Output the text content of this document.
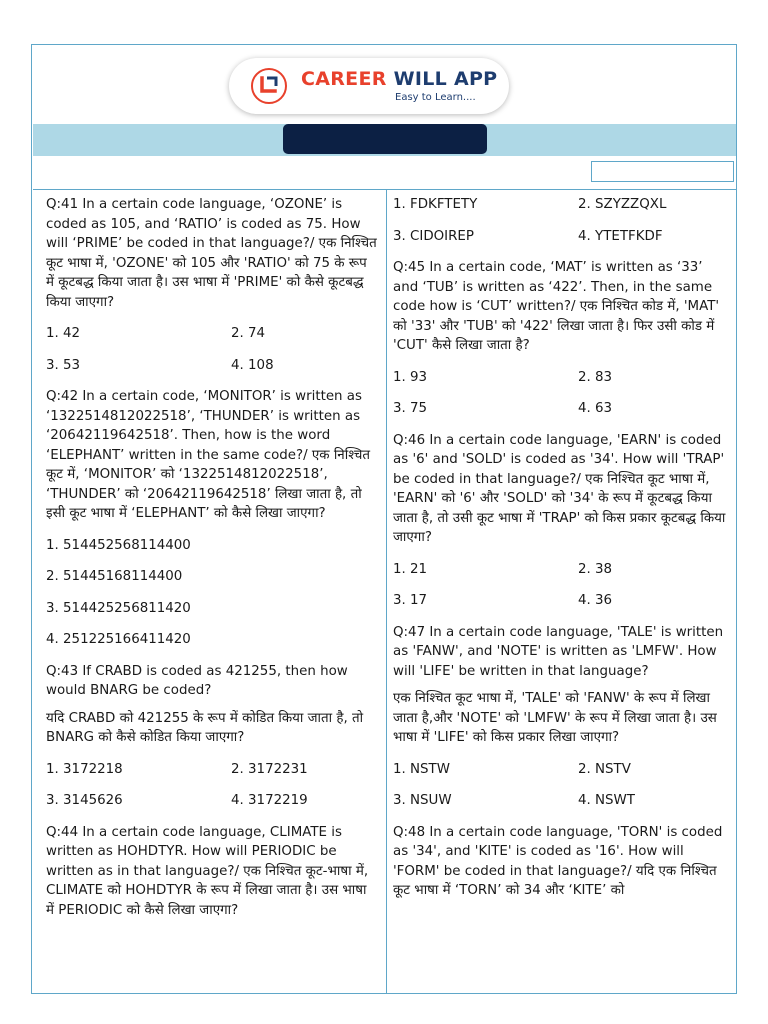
CAREER WILL APP
Easy to Learn....

Q:41 In a certain code language, ‘OZONE’ is coded as 105, and ‘RATIO’ is coded as 75. How will ‘PRIME’ be coded in that language?/ एक निश्चित कूट भाषा में, 'OZONE' को 105 और 'RATIO' को 75 के रूप में कूटबद्ध किया जाता है। उस भाषा में 'PRIME' को कैसे कूटबद्ध किया जाएगा?

1. 42	2. 74
3. 53	4. 108

Q:42 In a certain code, ‘MONITOR’ is written as ‘1322514812022518’, ‘THUNDER’ is written as ‘20642119642518’. Then, how is the word ‘ELEPHANT’ written in the same code?/ एक निश्चित कूट में, ‘MONITOR’ को ‘1322514812022518’, ‘THUNDER’ को ‘20642119642518’ लिखा जाता है, तो इसी कूट भाषा में ‘ELEPHANT’ को कैसे लिखा जाएगा?

1. 514452568114400
2. 51445168114400
3. 514425256811420
4. 251225166411420

Q:43 If CRABD is coded as 421255, then how would BNARG be coded?

यदि CRABD को 421255 के रूप में कोडित किया जाता है, तो BNARG को कैसे कोडित किया जाएगा?

1. 3172218	2. 3172231
3. 3145626	4. 3172219

Q:44 In a certain code language, CLIMATE is written as HOHDTYR. How will PERIODIC be written as in that language?/ एक निश्चित कूट-भाषा में, CLIMATE को HOHDTYR के रूप में लिखा जाता है। उस भाषा में PERIODIC को कैसे लिखा जाएगा?

1. FDKFTETY	2. SZYZZQXL
3. CIDOIREP	4. YTETFKDF

Q:45 In a certain code, ‘MAT’ is written as ‘33’ and ‘TUB’ is written as ‘422’. Then, in the same code how is ‘CUT’ written?/ एक निश्चित कोड में, 'MAT' को '33' और 'TUB' को '422' लिखा जाता है। फिर उसी कोड में 'CUT' कैसे लिखा जाता है?

1. 93	2. 83
3. 75	4. 63

Q:46 In a certain code language, 'EARN' is coded as '6' and 'SOLD' is coded as '34'. How will 'TRAP' be coded in that language?/ एक निश्चित कूट भाषा में, 'EARN' को '6' और 'SOLD' को '34' के रूप में कूटबद्ध किया जाता है, तो उसी कूट भाषा में 'TRAP' को किस प्रकार कूटबद्ध किया जाएगा?

1. 21	2. 38
3. 17	4. 36

Q:47 In a certain code language, 'TALE' is written as 'FANW', and 'NOTE' is written as 'LMFW'. How will 'LIFE' be written in that language?

एक निश्चित कूट भाषा में, 'TALE' को 'FANW' के रूप में लिखा जाता है,और 'NOTE' को 'LMFW' के रूप में लिखा जाता है। उस भाषा में 'LIFE' को किस प्रकार लिखा जाएगा?

1. NSTW	2. NSTV
3. NSUW	4. NSWT

Q:48 In a certain code language, 'TORN' is coded as '34', and 'KITE' is coded as '16'. How will 'FORM' be coded in that language?/ यदि एक निश्चित कूट भाषा में ‘TORN’ को 34 और ‘KITE’ को
